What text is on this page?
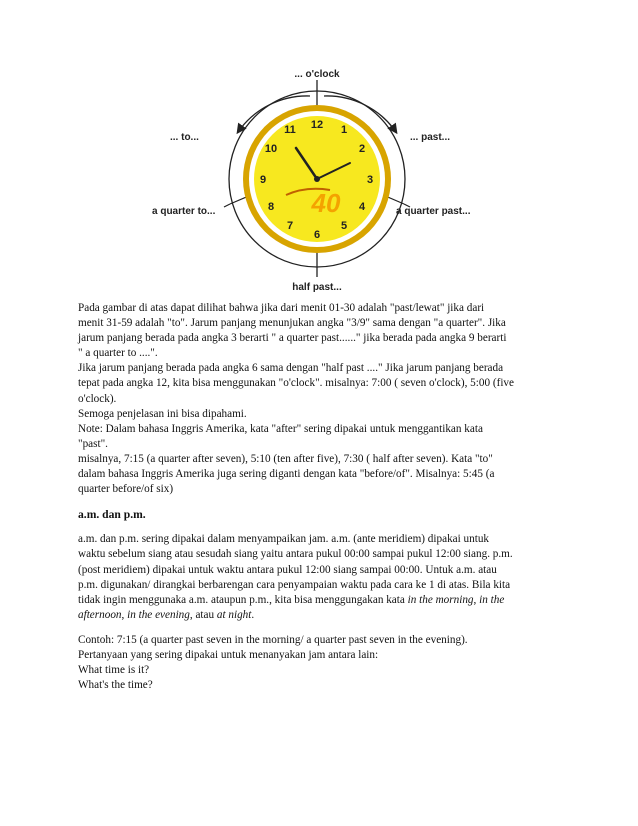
12 1
2
3
4
5
6
7
8
9
10
11
40
... o'clock
... to...	... past...
a quarter to...	a quarter past...
half past...

Pada gambar di atas dapat dilihat bahwa jika dari menit 01-30 adalah "past/lewat" jika dari

menit 31-59 adalah "to". Jarum panjang menunjukan angka "3/9" sama dengan "a quarter". Jika

jarum panjang berada pada angka 3 berarti " a quarter past......" jika berada pada angka 9 berarti

" a quarter to ....".

Jika jarum panjang berada pada angka 6 sama dengan "half past ...." Jika jarum panjang berada

tepat pada angka 12, kita bisa menggunakan "o'clock". misalnya: 7:00 ( seven o'clock), 5:00 (five

o'clock).

Semoga penjelasan ini bisa dipahami.

Note: Dalam bahasa Inggris Amerika, kata "after" sering dipakai untuk menggantikan kata

"past".

misalnya, 7:15 (a quarter after seven), 5:10 (ten after five), 7:30 ( half after seven). Kata "to"

dalam bahasa Inggris Amerika juga sering diganti dengan kata "before/of". Misalnya: 5:45 (a

quarter before/of six)

a.m. dan p.m.

a.m. dan p.m. sering dipakai dalam menyampaikan jam. a.m. (ante meridiem) dipakai untuk

waktu sebelum siang atau sesudah siang yaitu antara pukul 00:00 sampai pukul 12:00 siang. p.m.

(post meridiem) dipakai untuk waktu antara pukul 12:00 siang sampai 00:00. Untuk a.m. atau

p.m. digunakan/ dirangkai berbarengan cara penyampaian waktu pada cara ke 1 di atas. Bila kita

tidak ingin menggunaka a.m. ataupun p.m., kita bisa menggungakan kata in the morning, in the

afternoon, in the evening, atau at night.

Contoh: 7:15 (a quarter past seven in the morning/ a quarter past seven in the evening).

Pertanyaan yang sering dipakai untuk menanyakan jam antara lain:

What time is it?

What's the time?
